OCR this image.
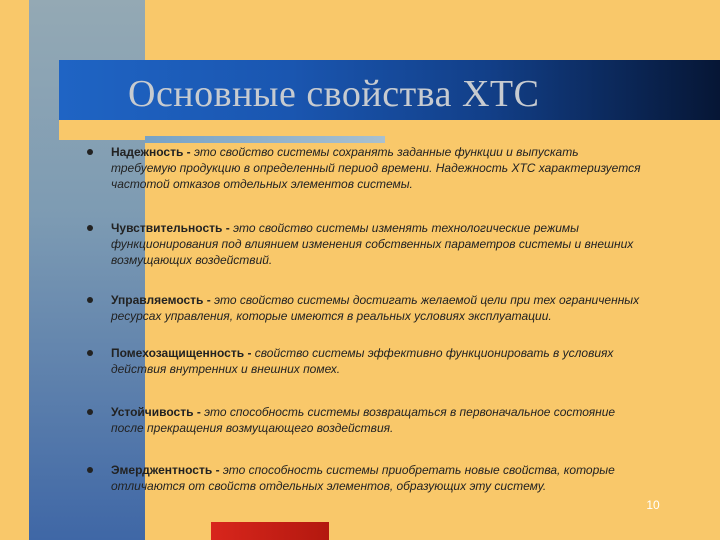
Основные свойства ХТС
Надежность - это свойство системы сохранять заданные функции и выпускать требуемую продукцию в определенный период времени. Надежность ХТС характеризуется частотой отказов отдельных элементов системы.
Чувствительность - это свойство системы изменять технологические режимы функционирования под влиянием изменения собственных параметров системы и внешних возмущающих воздействий.
Управляемость - это свойство системы достигать желаемой цели при тех ограниченных ресурсах управления, которые имеются в реальных условиях эксплуатации.
Помехозащищенность - свойство системы эффективно функционировать в условиях действия внутренних и внешних помех.
Устойчивость - это способность системы возвращаться в первоначальное состояние после прекращения возмущающего воздействия.
Эмерджентность - это способность системы приобретать новые свойства, которые отличаются от свойств отдельных элементов, образующих эту систему.
10
